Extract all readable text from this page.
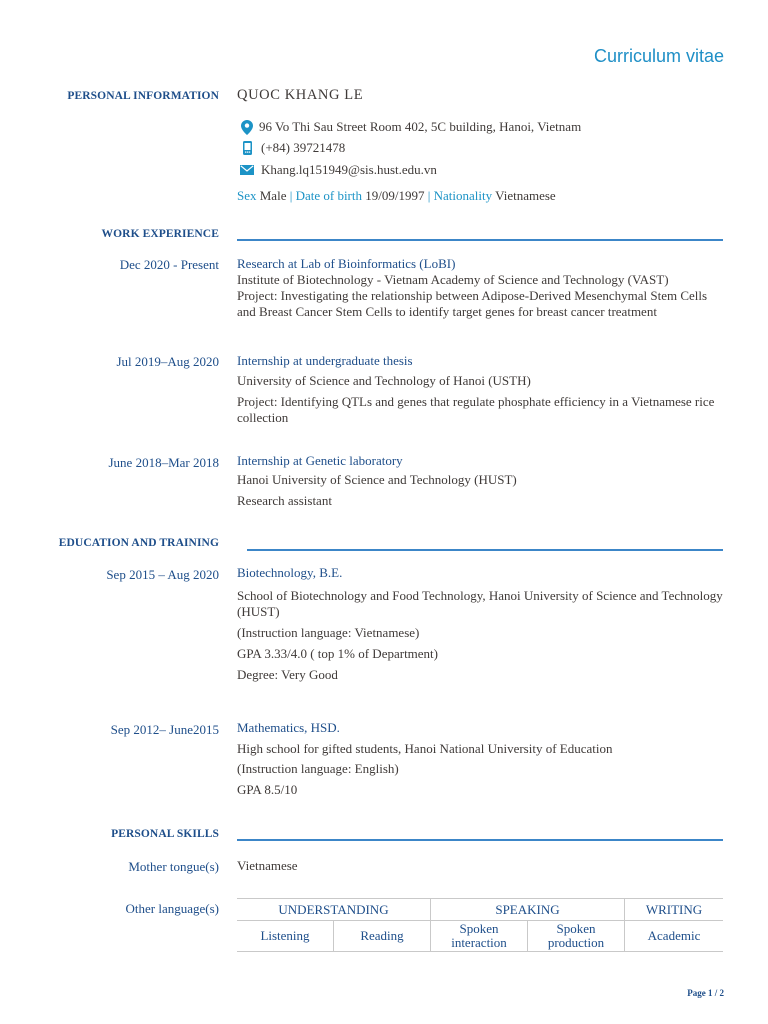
Curriculum vitae
PERSONAL INFORMATION QUOC KHANG LE
96 Vo Thi Sau Street Room 402, 5C building, Hanoi, Vietnam
(+84) 39721478
Khang.lq151949@sis.hust.edu.vn
Sex Male | Date of birth 19/09/1997 | Nationality Vietnamese
WORK EXPERIENCE
Dec 2020 - Present Research at Lab of Bioinformatics (LoBI)
Institute of Biotechnology - Vietnam Academy of Science and Technology (VAST)
Project: Investigating the relationship between Adipose-Derived Mesenchymal Stem Cells and Breast Cancer Stem Cells to identify target genes for breast cancer treatment
Jul 2019–Aug 2020 Internship at undergraduate thesis
University of Science and Technology of Hanoi (USTH)
Project: Identifying QTLs and genes that regulate phosphate efficiency in a Vietnamese rice collection
June 2018–Mar 2018 Internship at Genetic laboratory
Hanoi University of Science and Technology (HUST)
Research assistant
EDUCATION AND TRAINING
Sep 2015 – Aug 2020 Biotechnology, B.E.
School of Biotechnology and Food Technology, Hanoi University of Science and Technology (HUST)
(Instruction language: Vietnamese)
GPA 3.33/4.0 ( top 1% of Department)
Degree: Very Good
Sep 2012– June2015 Mathematics, HSD.
High school for gifted students, Hanoi National University of Education
(Instruction language: English)
GPA 8.5/10
PERSONAL SKILLS
Mother tongue(s) Vietnamese
Other language(s)	UNDERSTANDING		SPEAKING		WRITING
Listening	Reading	Spoken interaction	Spoken production	Academic
Page 1 / 2
